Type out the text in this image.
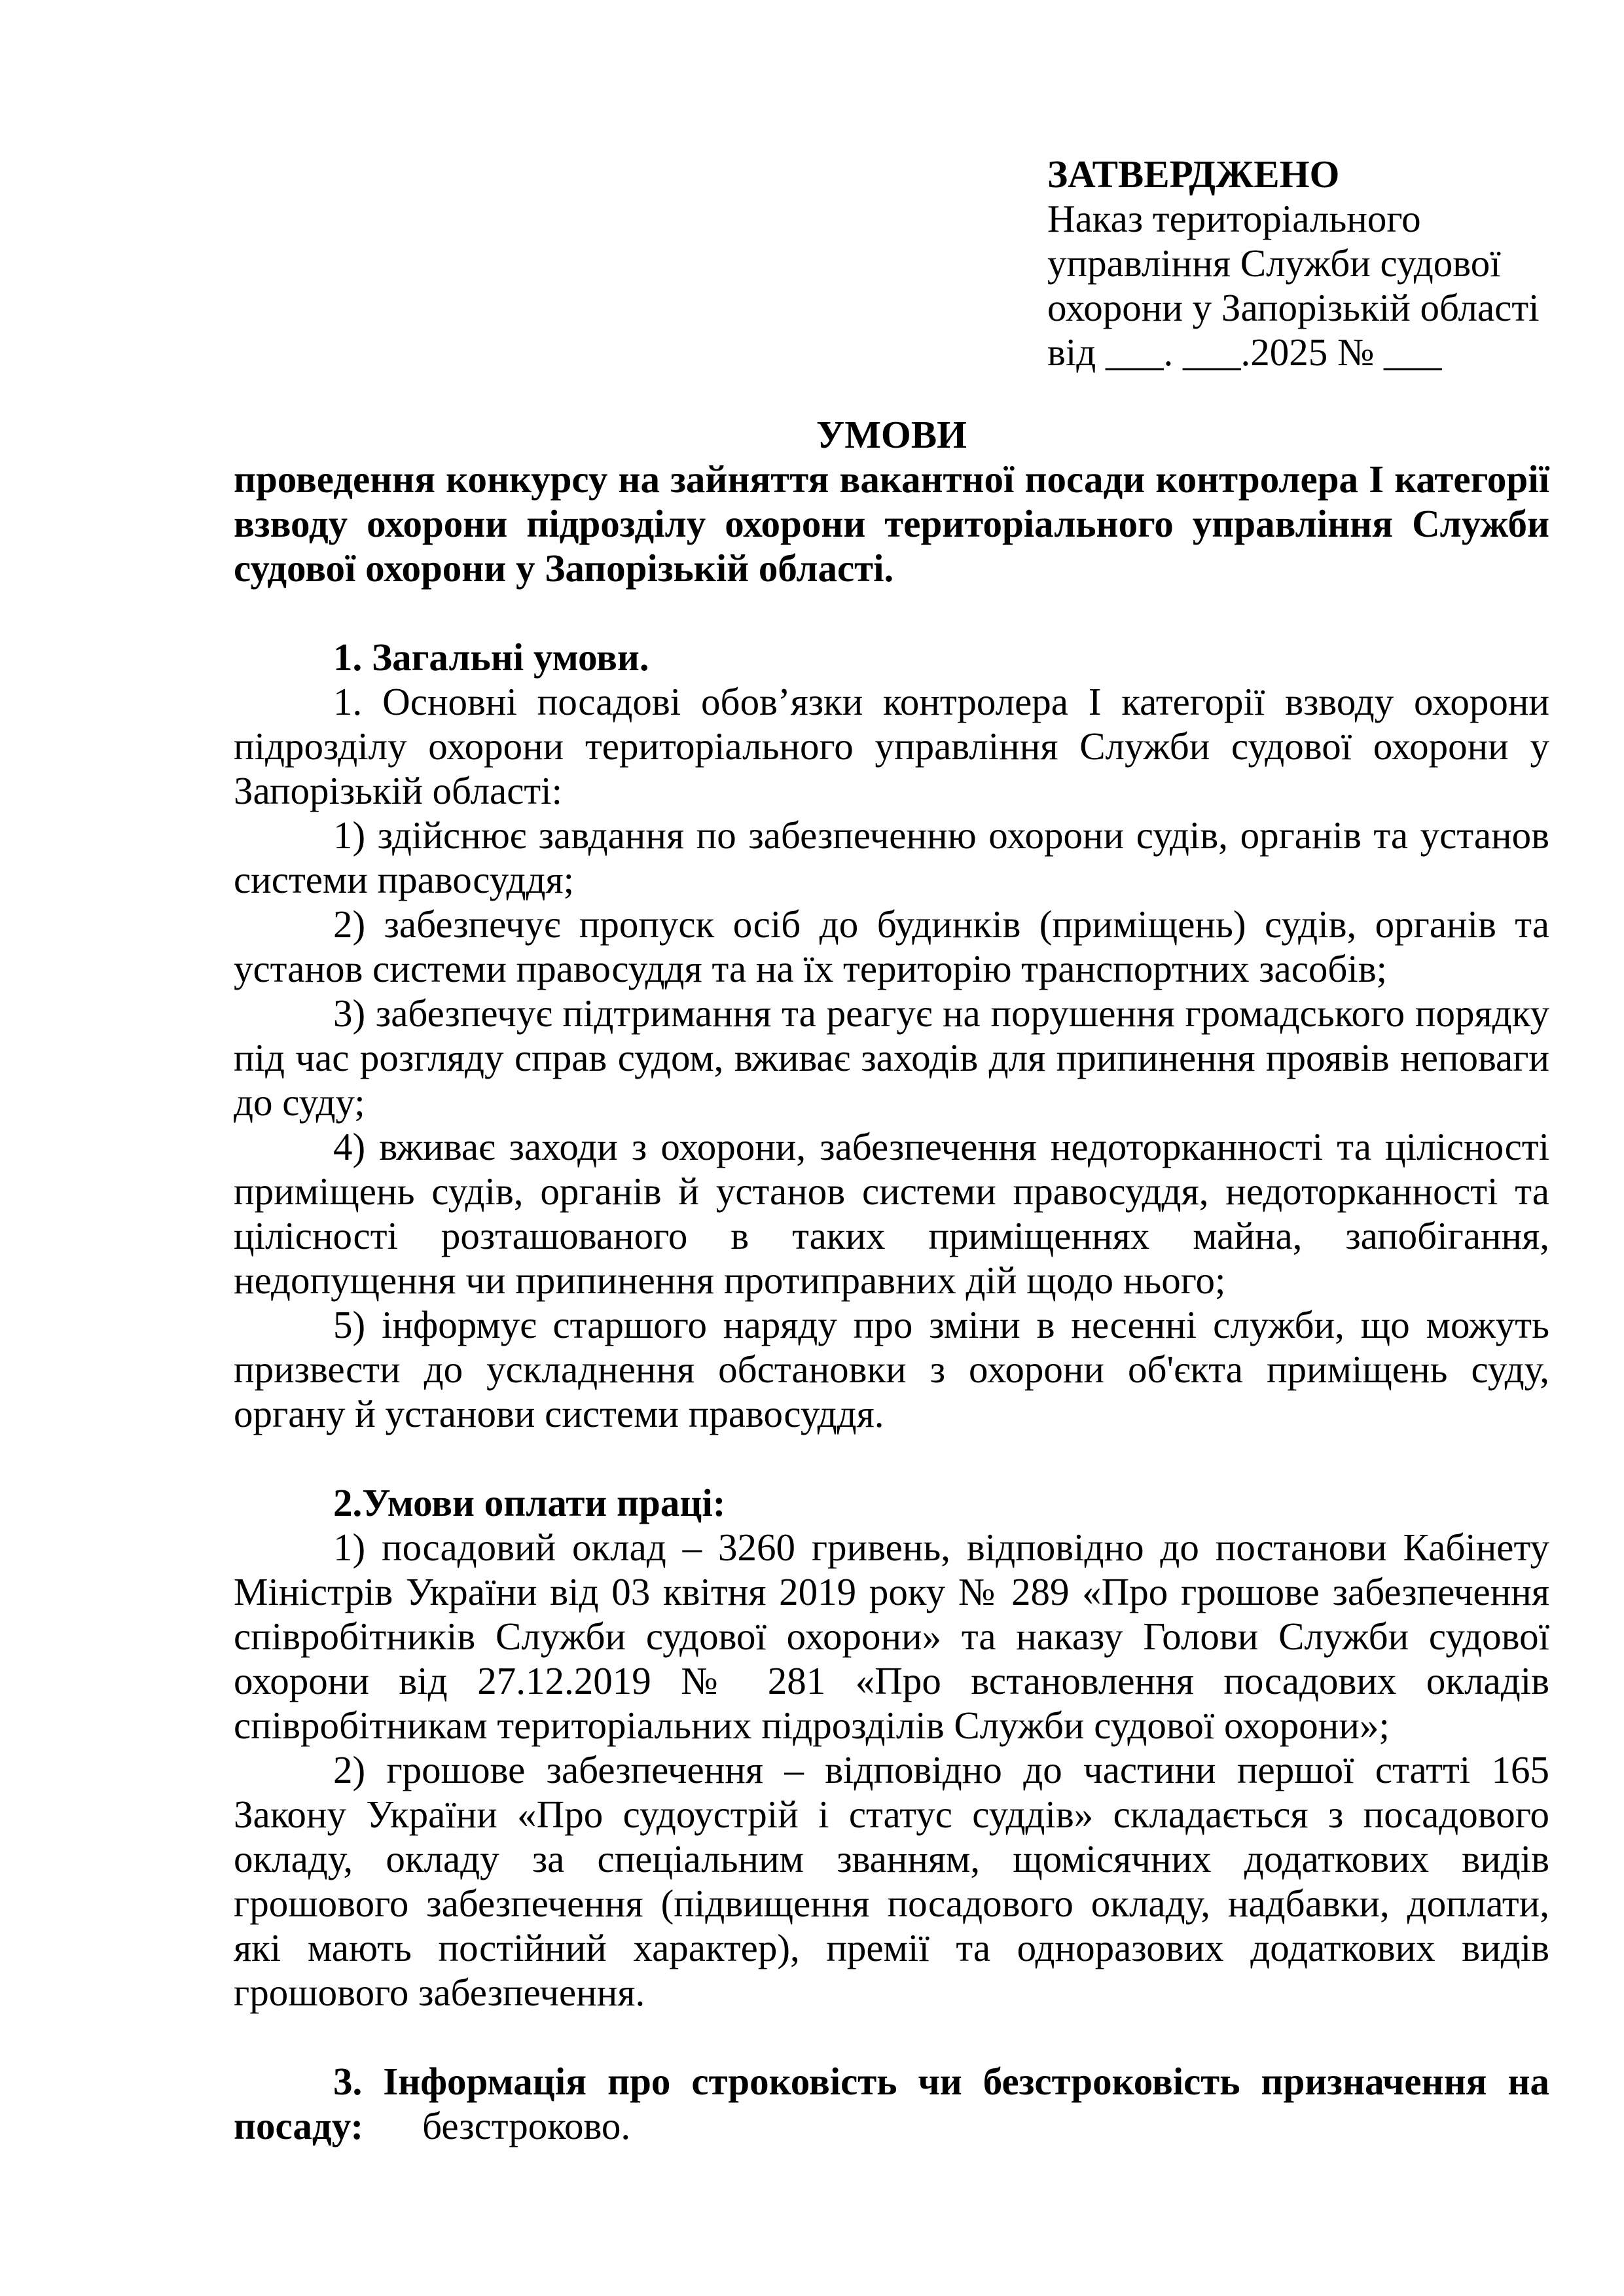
ЗАТВЕРДЖЕНО
Наказ територіального
управління Служби судової
охорони у Запорізькій області
від ___. ___.2025 № ___
УМОВИ
проведення конкурсу на зайняття вакантної посади контролера І категорії взводу охорони підрозділу охорони територіального управління Служби судової охорони у Запорізькій області.
1. Загальні умови.
1. Основні посадові обов’язки контролера І категорії взводу охорони підрозділу охорони територіального управління Служби судової охорони у Запорізькій області:
1) здійснює завдання по забезпеченню охорони судів, органів та установ системи правосуддя;
2) забезпечує пропуск осіб до будинків (приміщень) судів, органів та установ системи правосуддя та на їх територію транспортних засобів;
3) забезпечує підтримання та реагує на порушення громадського порядку під час розгляду справ судом, вживає заходів для припинення проявів неповаги до суду;
4) вживає заходи з охорони, забезпечення недоторканності та цілісності приміщень судів, органів й установ системи правосуддя, недоторканності та цілісності розташованого в таких приміщеннях майна, запобігання, недопущення чи припинення протиправних дій щодо нього;
5) інформує старшого наряду про зміни в несенні служби, що можуть призвести до ускладнення обстановки з охорони об'єкта приміщень суду, органу й установи системи правосуддя.
2.Умови оплати праці:
1) посадовий оклад – 3260 гривень, відповідно до постанови Кабінету Міністрів України від 03 квітня 2019 року № 289 «Про грошове забезпечення співробітників Служби судової охорони» та наказу Голови Служби судової охорони від 27.12.2019 № 281 «Про встановлення посадових окладів співробітникам територіальних підрозділів Служби судової охорони»;
2) грошове забезпечення – відповідно до частини першої статті 165 Закону України «Про судоустрій і статус суддів» складається з посадового окладу, окладу за спеціальним званням, щомісячних додаткових видів грошового забезпечення (підвищення посадового окладу, надбавки, доплати, які мають постійний характер), премії та одноразових додаткових видів грошового забезпечення.
3. Інформація про строковість чи безстроковість призначення на посаду: безстроково.
